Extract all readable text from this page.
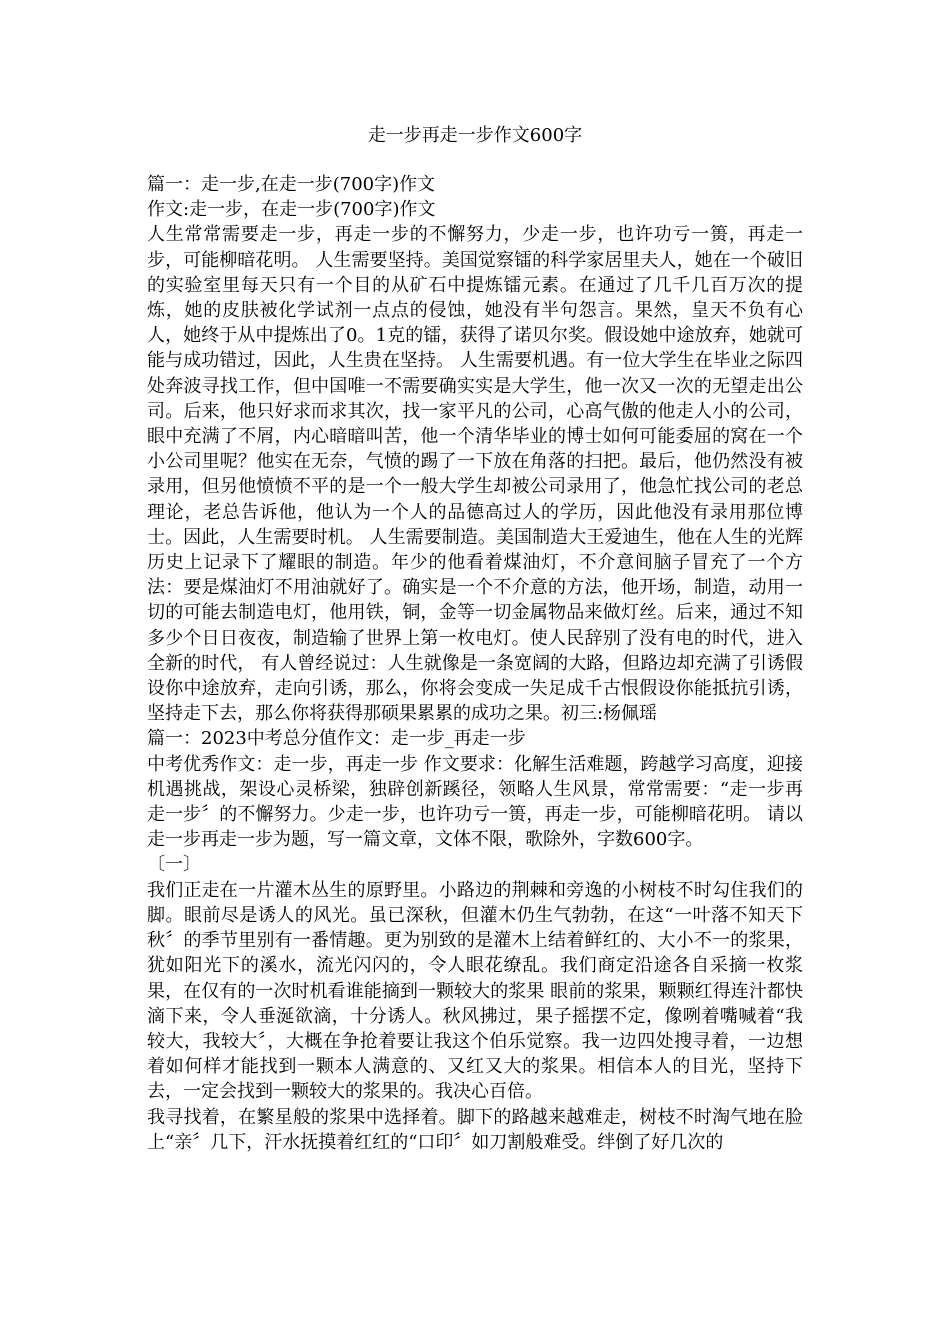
走一步再走一步作文600字

篇一：走一步,在走一步(700字)作文

作文:走一步，在走一步(700字)作文

人生常常需要走一步，再走一步的不懈努力，少走一步，也许功亏一篑，再走一步，可能柳暗花明。 人生需要坚持。美国觉察镭的科学家居里夫人，她在一个破旧的实验室里每天只有一个目的从矿石中提炼镭元素。在通过了几千几百万次的提炼，她的皮肤被化学试剂一点点的侵蚀，她没有半句怨言。果然，皇天不负有心人，她终于从中提炼出了0。1克的镭，获得了诺贝尔奖。假设她中途放弃，她就可能与成功错过，因此，人生贵在坚持。 人生需要机遇。有一位大学生在毕业之际四处奔波寻找工作，但中国唯一不需要确实实是大学生，他一次又一次的无望走出公司。后来，他只好求而求其次，找一家平凡的公司，心高气傲的他走人小的公司，眼中充满了不屑，内心暗暗叫苦，他一个清华毕业的博士如何可能委屈的窝在一个小公司里呢？他实在无奈，气愤的踢了一下放在角落的扫把。最后，他仍然没有被录用，但另他愤愤不平的是一个一般大学生却被公司录用了，他急忙找公司的老总理论，老总告诉他，他认为一个人的品德高过人的学历，因此他没有录用那位博士。因此，人生需要时机。 人生需要制造。美国制造大王爱迪生，他在人生的光辉历史上记录下了耀眼的制造。年少的他看着煤油灯，不介意间脑子冒充了一个方法：要是煤油灯不用油就好了。确实是一个不介意的方法，他开场，制造，动用一切的可能去制造电灯，他用铁，铜，金等一切金属物品来做灯丝。后来，通过不知多少个日日夜夜，制造输了世界上第一枚电灯。使人民辞别了没有电的时代，进入全新的时代， 有人曾经说过：人生就像是一条宽阔的大路，但路边却充满了引诱假设你中途放弃，走向引诱，那么，你将会变成一失足成千古恨假设你能抵抗引诱，坚持走下去，那么你将获得那硕果累累的成功之果。初三:杨佩瑶

篇一：2023中考总分值作文：走一步_再走一步

中考优秀作文：走一步，再走一步 作文要求：化解生活难题，跨越学习高度，迎接机遇挑战，架设心灵桥梁，独辟创新蹊径，领略人生风景，常常需要：“走一步再走一步〞的不懈努力。少走一步，也许功亏一篑，再走一步，可能柳暗花明。 请以走一步再走一步为题，写一篇文章，文体不限，歌除外，字数600字。

〔一〕

我们正走在一片灌木丛生的原野里。小路边的荆棘和旁逸的小树枝不时勾住我们的脚。眼前尽是诱人的风光。虽已深秋，但灌木仍生气勃勃，在这“一叶落不知天下秋〞的季节里别有一番情趣。更为别致的是灌木上结着鲜红的、大小不一的浆果，犹如阳光下的溪水，流光闪闪的，令人眼花缭乱。我们商定沿途各自采摘一枚浆果，在仅有的一次时机看谁能摘到一颗较大的浆果 眼前的浆果，颗颗红得连汁都快滴下来，令人垂涎欲滴，十分诱人。秋风拂过，果子摇摆不定，像咧着嘴喊着“我较大，我较大〞，大概在争抢着要让我这个伯乐觉察。我一边四处搜寻着，一边想着如何样才能找到一颗本人满意的、又红又大的浆果。相信本人的目光，坚持下去，一定会找到一颗较大的浆果的。我决心百倍。

我寻找着，在繁星般的浆果中选择着。脚下的路越来越难走，树枝不时淘气地在脸上“亲〞几下，汗水抚摸着红红的“口印〞如刀割般难受。绊倒了好几次的
